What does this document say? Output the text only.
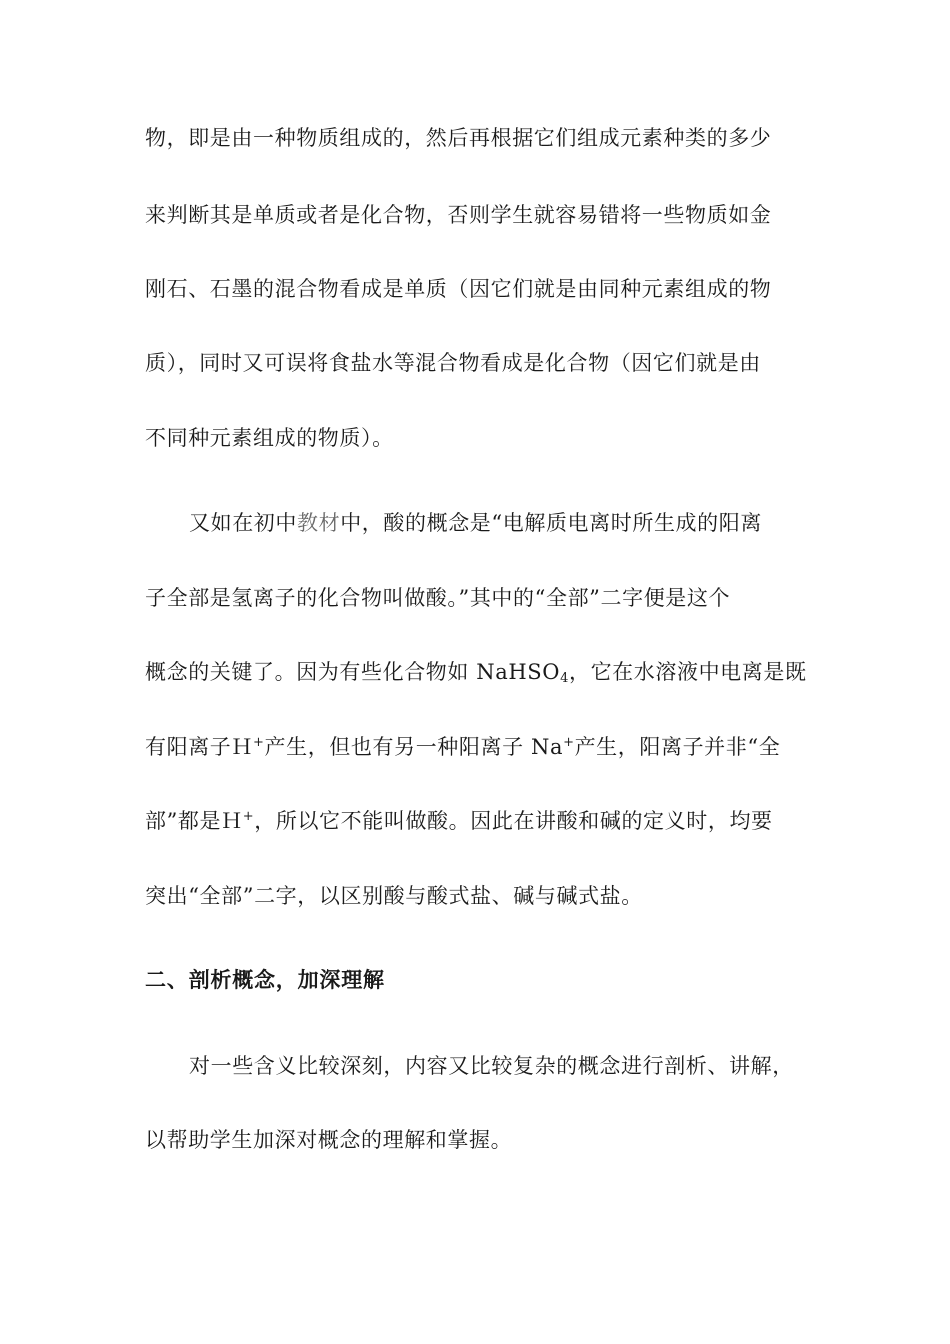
物，即是由一种物质组成的，然后再根据它们组成元素种类的多少
来判断其是单质或者是化合物，否则学生就容易错将一些物质如金
刚石、石墨的混合物看成是单质（因它们就是由同种元素组成的物
质），同时又可误将食盐水等混合物看成是化合物（因它们就是由
不同种元素组成的物质）。
又如在初中教材中，酸的概念是“电解质电离时所生成的阳离
子全部是氢离子的化合物叫做酸。”其中的“全部”二字便是这个
概念的关键了。因为有些化合物如 NaHSO$_4$，它在水溶液中电离是既
有阳离子Ｈ+产生，但也有另一种阳离子 Na+产生，阳离子并非“全
部”都是Ｈ+，所以它不能叫做酸。因此在讲酸和碱的定义时，均要
突出“全部”二字，以区别酸与酸式盐、碱与碱式盐。
二、剖析概念，加深理解
对一些含义比较深刻，内容又比较复杂的概念进行剖析、讲解，
以帮助学生加深对概念的理解和掌握。
